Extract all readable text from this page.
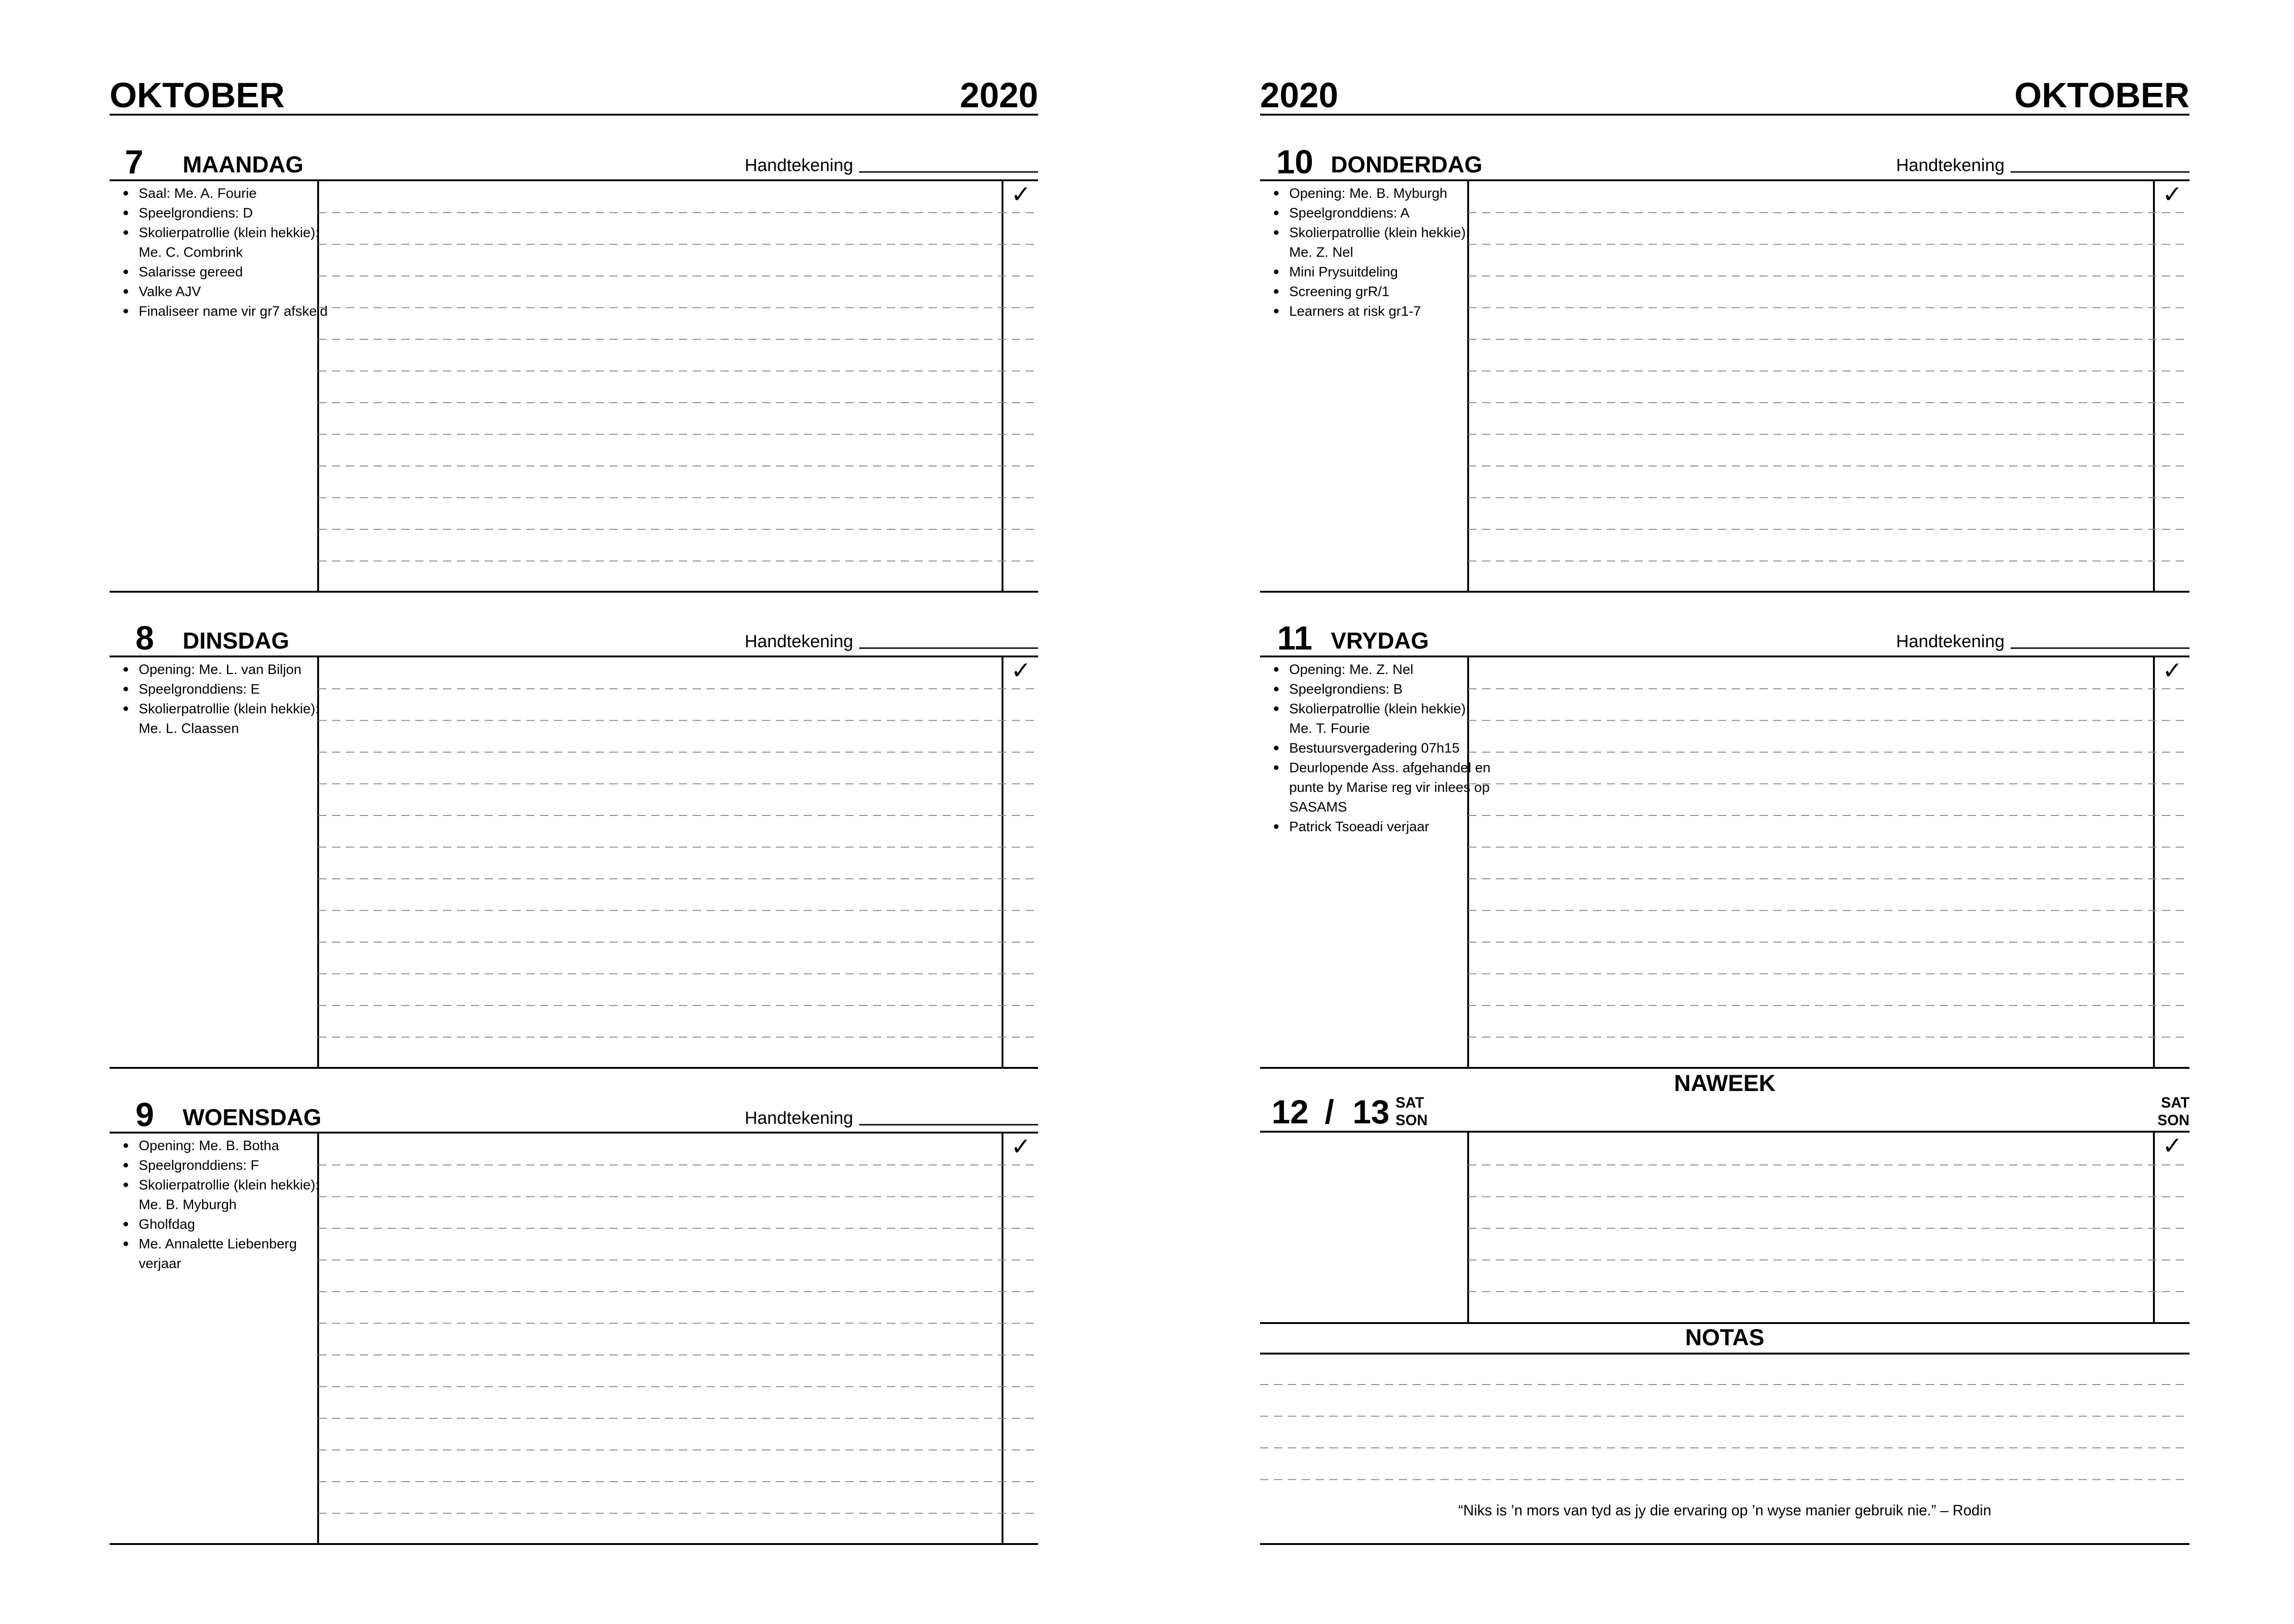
OKTOBER	2020
7 MAANDAG	Handtekening
✓
Saal: Me. A. Fourie
Speelgrondiens: D
Skolierpatrollie (klein hekkie):
Me. C. Combrink
Salarisse gereed
Valke AJV
Finaliseer name vir gr7 afskeid
8 DINSDAG	Handtekening
✓
Opening: Me. L. van Biljon
Speelgronddiens: E
Skolierpatrollie (klein hekkie):
Me. L. Claassen
9 WOENSDAG	Handtekening
✓
Opening: Me. B. Botha
Speelgronddiens: F
Skolierpatrollie (klein hekkie):
Me. B. Myburgh
Gholfdag
Me. Annalette Liebenberg
verjaar
2020	OKTOBER
10 DONDERDAG	Handtekening
✓
Opening: Me. B. Myburgh
Speelgronddiens: A
Skolierpatrollie (klein hekkie):
Me. Z. Nel
Mini Prysuitdeling
Screening grR/1
Learners at risk gr1-7
11 VRYDAG	Handtekening
✓
Opening: Me. Z. Nel
Speelgrondiens: B
Skolierpatrollie (klein hekkie):
Me. T. Fourie
Bestuursvergadering 07h15
Deurlopende Ass. afgehandel en
punte by Marise reg vir inlees op
SASAMS
Patrick Tsoeadi verjaar
NAWEEK
12 / 13 SAT
SON
SAT
SON
✓
NOTAS
“Niks is ’n mors van tyd as jy die ervaring op ’n wyse manier gebruik nie.” – Rodin
